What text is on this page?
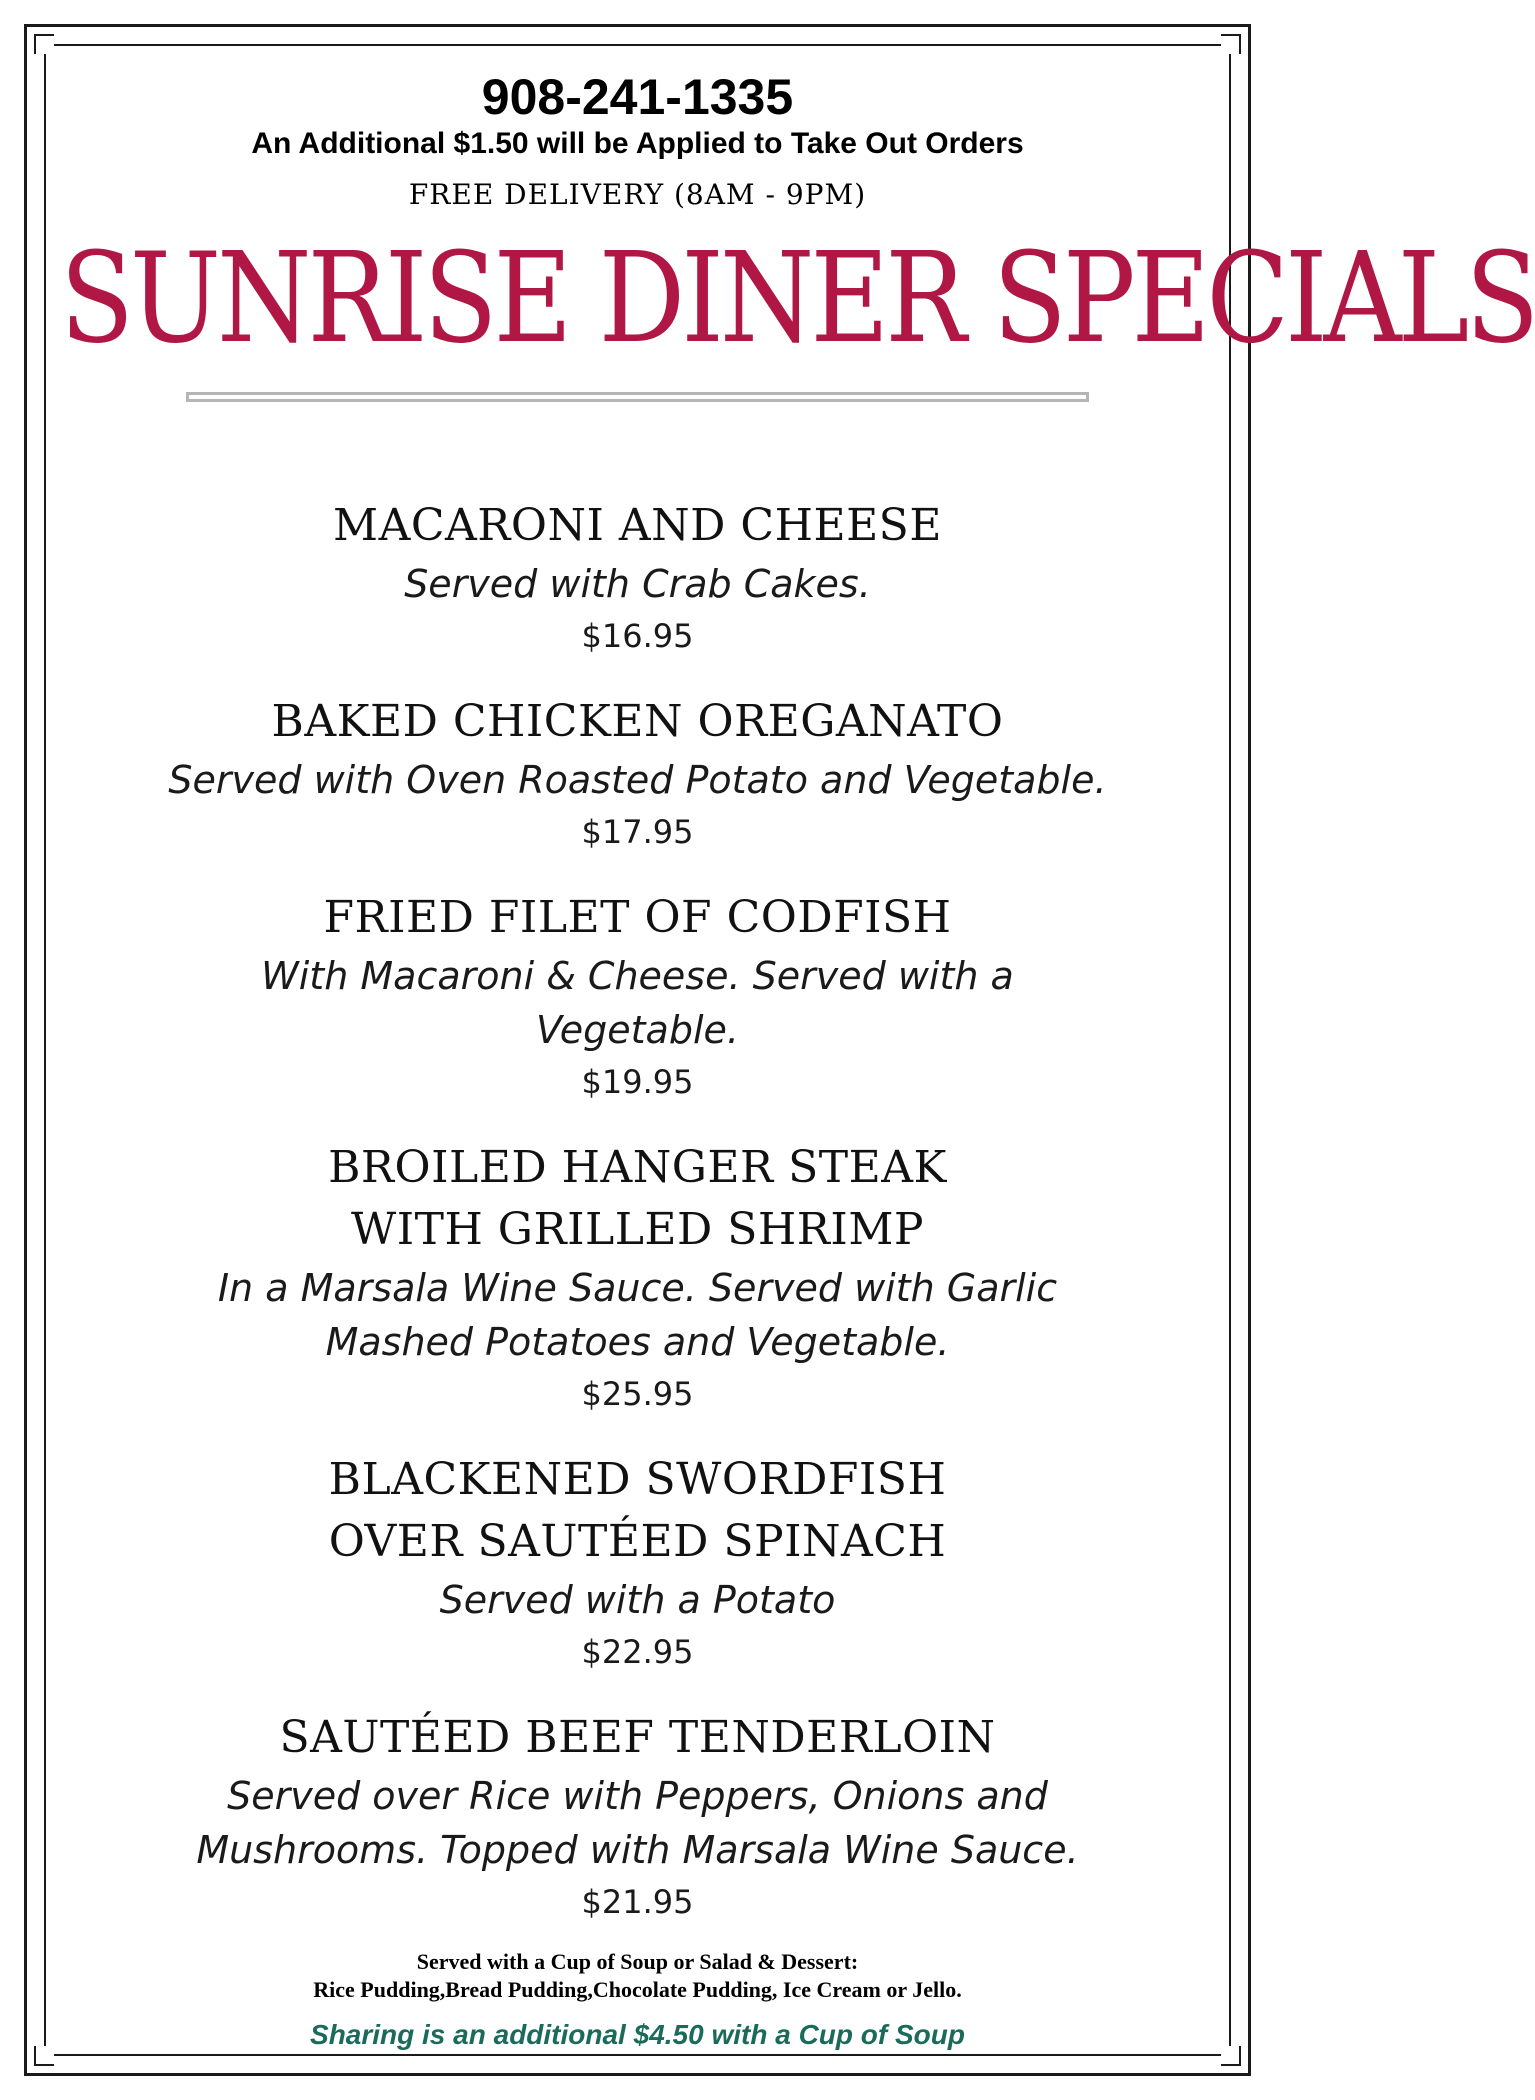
908-241-1335
An Additional $1.50 will be Applied to Take Out Orders
FREE DELIVERY (8AM - 9PM)
SUNRISE DINER SPECIALS
MACARONI AND CHEESE
Served with Crab Cakes.
$16.95
BAKED CHICKEN OREGANATO
Served with Oven Roasted Potato and Vegetable.
$17.95
FRIED FILET OF CODFISH
With Macaroni & Cheese. Served with a Vegetable.
$19.95
BROILED HANGER STEAK WITH GRILLED SHRIMP
In a Marsala Wine Sauce. Served with Garlic Mashed Potatoes and Vegetable.
$25.95
BLACKENED SWORDFISH OVER SAUTÉED SPINACH
Served with a Potato
$22.95
SAUTÉED BEEF TENDERLOIN
Served over Rice with Peppers, Onions and Mushrooms. Topped with Marsala Wine Sauce.
$21.95
Served with a Cup of Soup or Salad & Dessert:
Rice Pudding,Bread Pudding,Chocolate Pudding, Ice Cream or Jello.
Sharing is an additional $4.50 with a Cup of Soup
